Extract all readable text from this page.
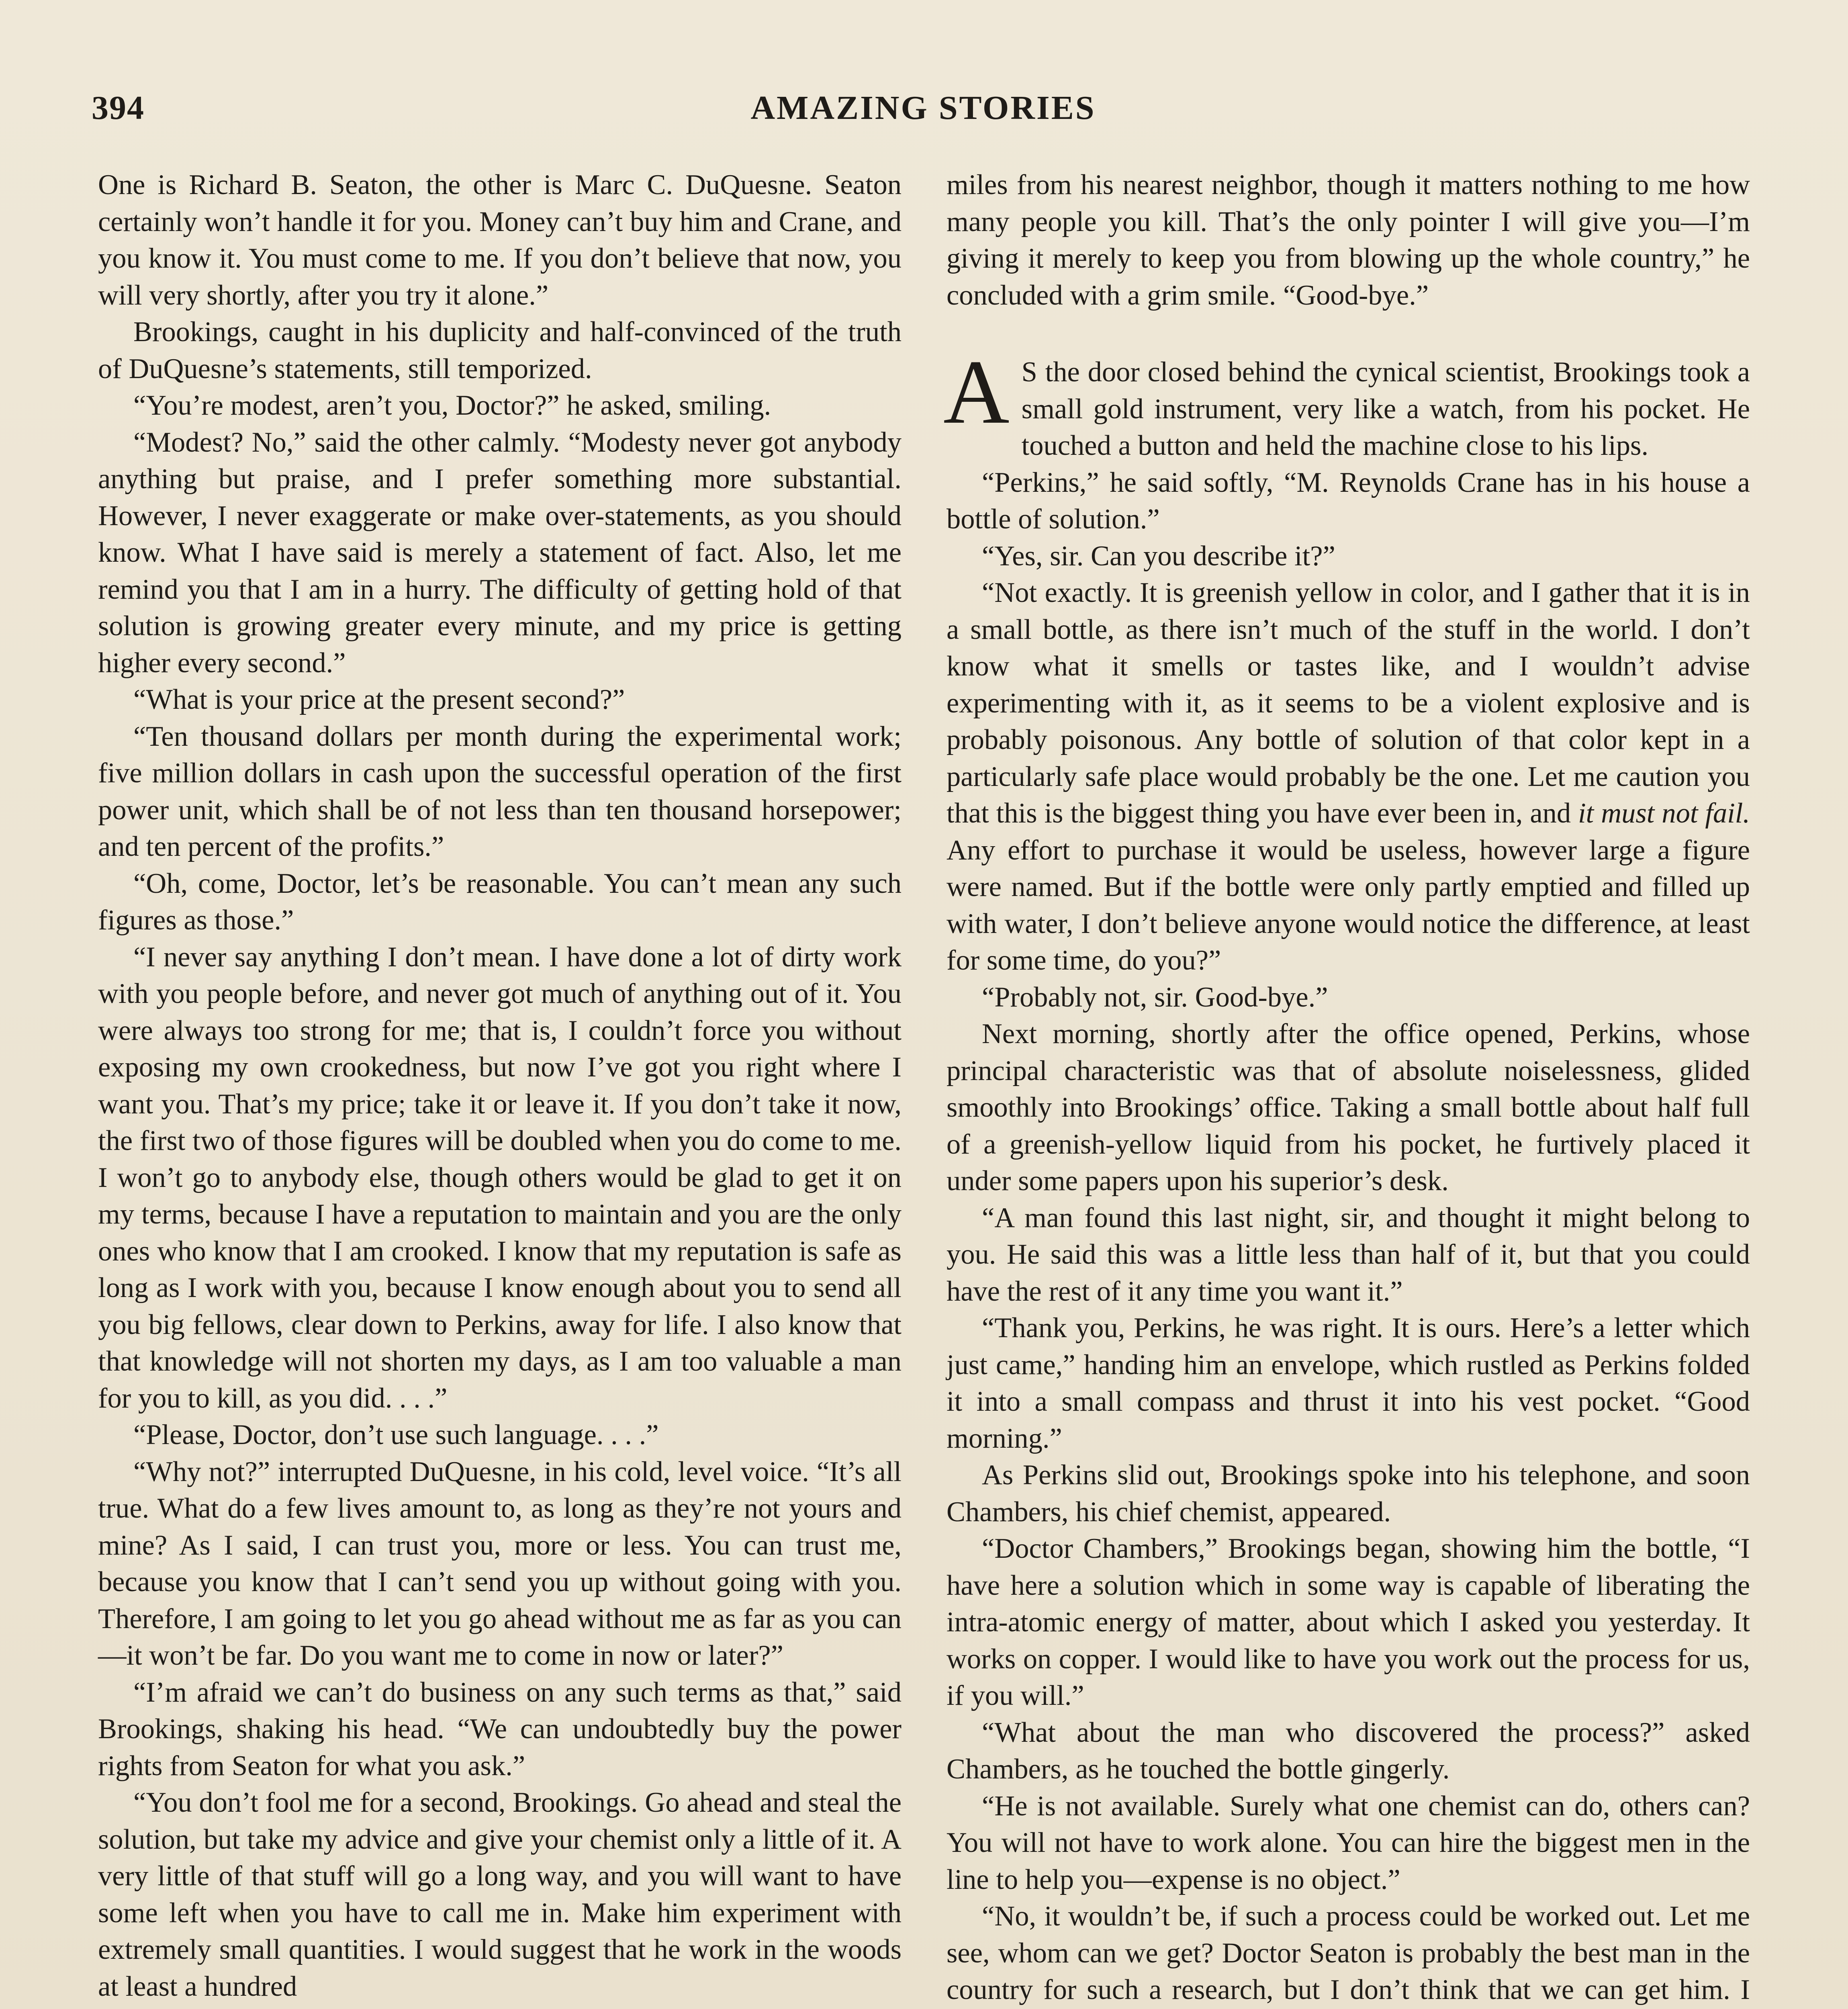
394	AMAZING STORIES

One is Richard B. Seaton, the other is Marc C. DuQuesne. Seaton certainly won’t handle it for you. Money can’t buy him and Crane, and you know it. You must come to me. If you don’t believe that now, you will very shortly, after you try it alone.”

Brookings, caught in his duplicity and half-convinced of the truth of DuQuesne’s statements, still temporized.

“You’re modest, aren’t you, Doctor?” he asked, smiling.

“Modest? No,” said the other calmly. “Modesty never got anybody anything but praise, and I prefer something more substantial. However, I never exaggerate or make over-statements, as you should know. What I have said is merely a statement of fact. Also, let me remind you that I am in a hurry. The difficulty of getting hold of that solution is growing greater every minute, and my price is getting higher every second.”

“What is your price at the present second?”

“Ten thousand dollars per month during the experimental work; five million dollars in cash upon the successful operation of the first power unit, which shall be of not less than ten thousand horsepower; and ten percent of the profits.”

“Oh, come, Doctor, let’s be reasonable. You can’t mean any such figures as those.”

“I never say anything I don’t mean. I have done a lot of dirty work with you people before, and never got much of anything out of it. You were always too strong for me; that is, I couldn’t force you without exposing my own crookedness, but now I’ve got you right where I want you. That’s my price; take it or leave it. If you don’t take it now, the first two of those figures will be doubled when you do come to me. I won’t go to anybody else, though others would be glad to get it on my terms, because I have a reputation to maintain and you are the only ones who know that I am crooked. I know that my reputation is safe as long as I work with you, because I know enough about you to send all you big fellows, clear down to Perkins, away for life. I also know that that knowledge will not shorten my days, as I am too valuable a man for you to kill, as you did. . . .”

“Please, Doctor, don’t use such language. . . .”

“Why not?” interrupted DuQuesne, in his cold, level voice. “It’s all true. What do a few lives amount to, as long as they’re not yours and mine? As I said, I can trust you, more or less. You can trust me, because you know that I can’t send you up without going with you. Therefore, I am going to let you go ahead without me as far as you can—it won’t be far. Do you want me to come in now or later?”

“I’m afraid we can’t do business on any such terms as that,” said Brookings, shaking his head. “We can undoubtedly buy the power rights from Seaton for what you ask.”

“You don’t fool me for a second, Brookings. Go ahead and steal the solution, but take my advice and give your chemist only a little of it. A very little of that stuff will go a long way, and you will want to have some left when you have to call me in. Make him experiment with extremely small quantities. I would suggest that he work in the woods at least a hundred

miles from his nearest neighbor, though it matters nothing to me how many people you kill. That’s the only pointer I will give you—I’m giving it merely to keep you from blowing up the whole country,” he concluded with a grim smile. “Good-bye.”

A S the door closed behind the cynical scientist, Brookings took a small gold instrument, very like a watch, from his pocket. He touched a button and held the machine close to his lips.

“Perkins,” he said softly, “M. Reynolds Crane has in his house a bottle of solution.”

“Yes, sir. Can you describe it?”

“Not exactly. It is greenish yellow in color, and I gather that it is in a small bottle, as there isn’t much of the stuff in the world. I don’t know what it smells or tastes like, and I wouldn’t advise experimenting with it, as it seems to be a violent explosive and is probably poisonous. Any bottle of solution of that color kept in a particularly safe place would probably be the one. Let me caution you that this is the biggest thing you have ever been in, and it must not fail. Any effort to purchase it would be useless, however large a figure were named. But if the bottle were only partly emptied and filled up with water, I don’t believe anyone would notice the difference, at least for some time, do you?”

“Probably not, sir. Good-bye.”

Next morning, shortly after the office opened, Perkins, whose principal characteristic was that of absolute noiselessness, glided smoothly into Brookings’ office. Taking a small bottle about half full of a greenish-yellow liquid from his pocket, he furtively placed it under some papers upon his superior’s desk.

“A man found this last night, sir, and thought it might belong to you. He said this was a little less than half of it, but that you could have the rest of it any time you want it.”

“Thank you, Perkins, he was right. It is ours. Here’s a letter which just came,” handing him an envelope, which rustled as Perkins folded it into a small compass and thrust it into his vest pocket. “Good morning.”

As Perkins slid out, Brookings spoke into his telephone, and soon Chambers, his chief chemist, appeared.

“Doctor Chambers,” Brookings began, showing him the bottle, “I have here a solution which in some way is capable of liberating the intra-atomic energy of matter, about which I asked you yesterday. It works on copper. I would like to have you work out the process for us, if you will.”

“What about the man who discovered the process?” asked Chambers, as he touched the bottle gingerly.

“He is not available. Surely what one chemist can do, others can? You will not have to work alone. You can hire the biggest men in the line to help you—expense is no object.”

“No, it wouldn’t be, if such a process could be worked out. Let me see, whom can we get? Doctor Seaton is probably the best man in the country for such a research, but I don’t think that we can get him. I
